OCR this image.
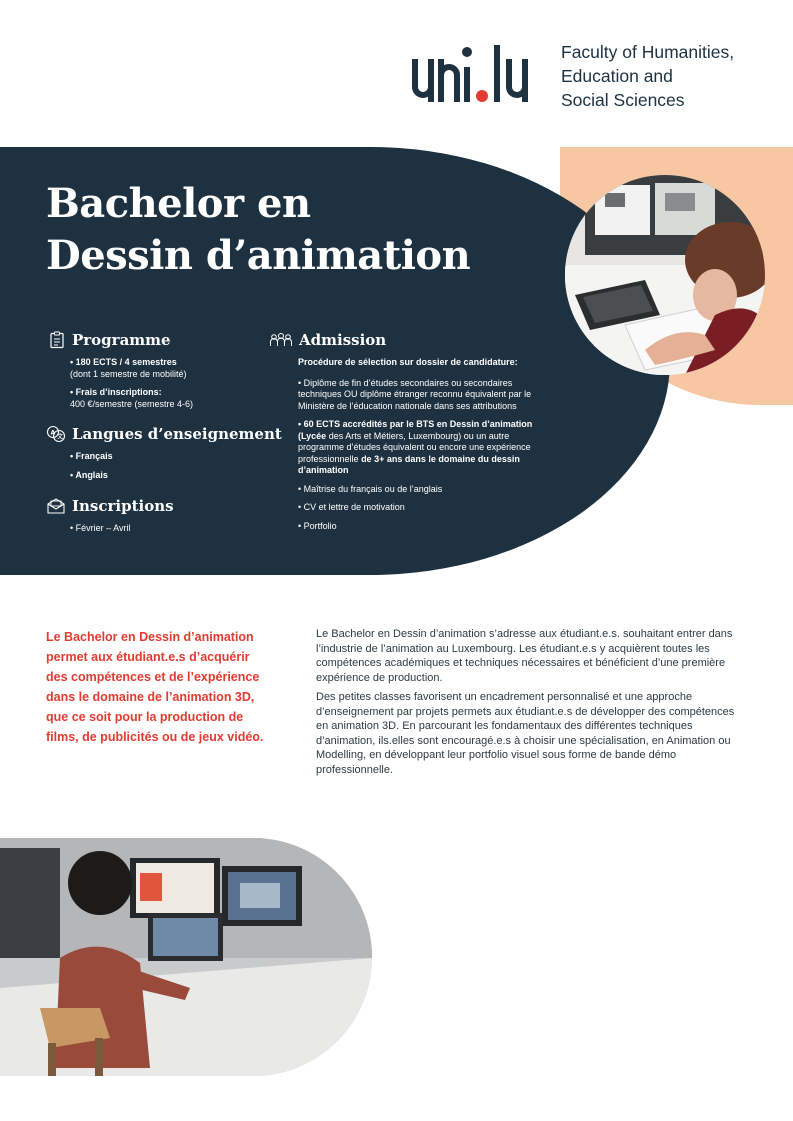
Faculty of Humanities,
Education and
Social Sciences
Bachelor en
Dessin d’animation
Programme

• 180 ECTS / 4 semestres
(dont 1 semestre de mobilité)

• Frais d’inscriptions:
400 €/semestre (semestre 4-6)

A
文 Langues d’enseignement

• Français

• Anglais

Inscriptions

• Février – Avril

Admission

Procédure de sélection sur dossier de candidature:

• Diplôme de fin d’études secondaires ou secondaires techniques OU diplôme étranger reconnu équivalent par le Ministère de l’éducation nationale dans ses attributions

• 60 ECTS accrédités par le BTS en Dessin d’animation (Lycée des Arts et Métiers, Luxembourg) ou un autre programme d’études équivalent ou encore une expérience professionnelle de 3+ ans dans le domaine du dessin d’animation

• Maîtrise du français ou de l’anglais

• CV et lettre de motivation

• Portfolio

Le Bachelor en Dessin d’animation permet aux étudiant.e.s d’acquérir des compétences et de l’expérience dans le domaine de l’animation 3D, que ce soit pour la production de films, de publicités ou de jeux vidéo.

Le Bachelor en Dessin d’animation s’adresse aux étudiant.e.s. souhaitant entrer dans l’industrie de l’animation au Luxembourg. Les étudiant.e.s y acquièrent toutes les compétences académiques et techniques nécessaires et bénéficient d’une première expérience de production.

Des petites classes favorisent un encadrement personnalisé et une approche d’enseignement par projets permets aux étudiant.e.s de développer des compétences en animation 3D. En parcourant les fondamentaux des différentes techniques d’animation, ils.elles sont encouragé.e.s à choisir une spécialisation, en Animation ou Modelling, en développant leur portfolio visuel sous forme de bande démo professionnelle.
